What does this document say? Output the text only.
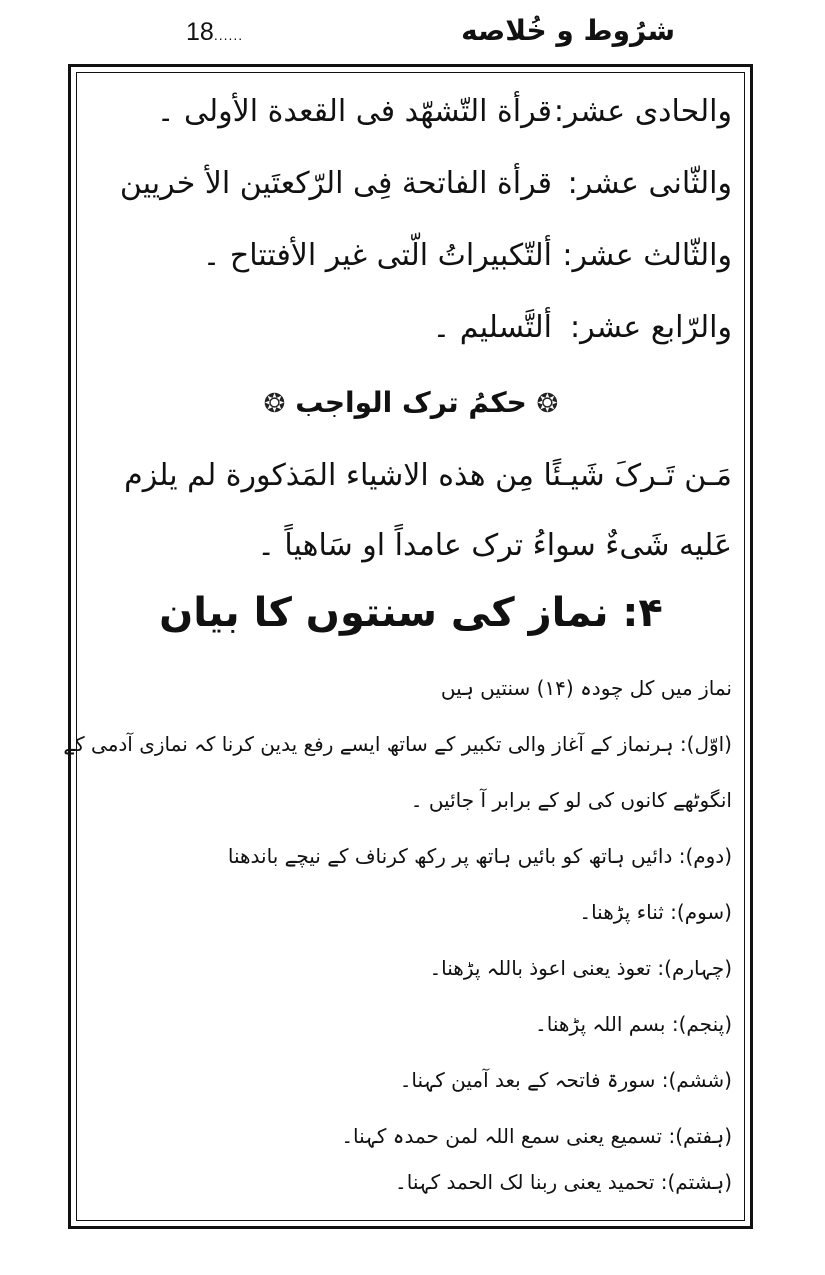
18......	شرُوط و خُلاصه
والحادی عشر:قرأة التّشهّد فی القعدة الأولی ۔
والثّانی عشر:قرأة الفاتحة فِی الرّکعتَین الأ خریین
والثّالث عشر:ألتّکبیراتُ الّتی غیر الأفتتاح ۔
والرّابع عشر:ألتَّسلیم ۔
❂ حکمُ ترک الواجب ❂
مَـن تَـرکَ شَیـئًا مِن هذه الاشیاء المَذکورة لم یلزم
عَلیه شَیءٌ سواءُ ترک عامداً او سَاهیاً ۔
۴: نماز کی سنتوں کا بیان
نماز میں کل چودہ (۱۴) سنتیں ہیں
(اوّل): ہرنماز کے آغاز والی تکبیر کے ساتھ ایسے رفع یدین کرنا کہ نمازی آدمی کے
انگوٹھے کانوں کی لو کے برابر آ جائیں ۔
(دوم): دائیں ہاتھ کو بائیں ہاتھ پر رکھ کرناف کے نیچے باندھنا
(سوم): ثناء پڑھنا۔
(چہارم): تعوذ یعنی اعوذ باللہ پڑھنا۔
(پنجم): بسم اللہ پڑھنا۔
(ششم): سورۃ فاتحہ کے بعد آمین کہنا۔
(ہفتم): تسمیع یعنی سمع اللہ لمن حمدہ کہنا۔
(ہشتم): تحمید یعنی ربنا لک الحمد کہنا۔
